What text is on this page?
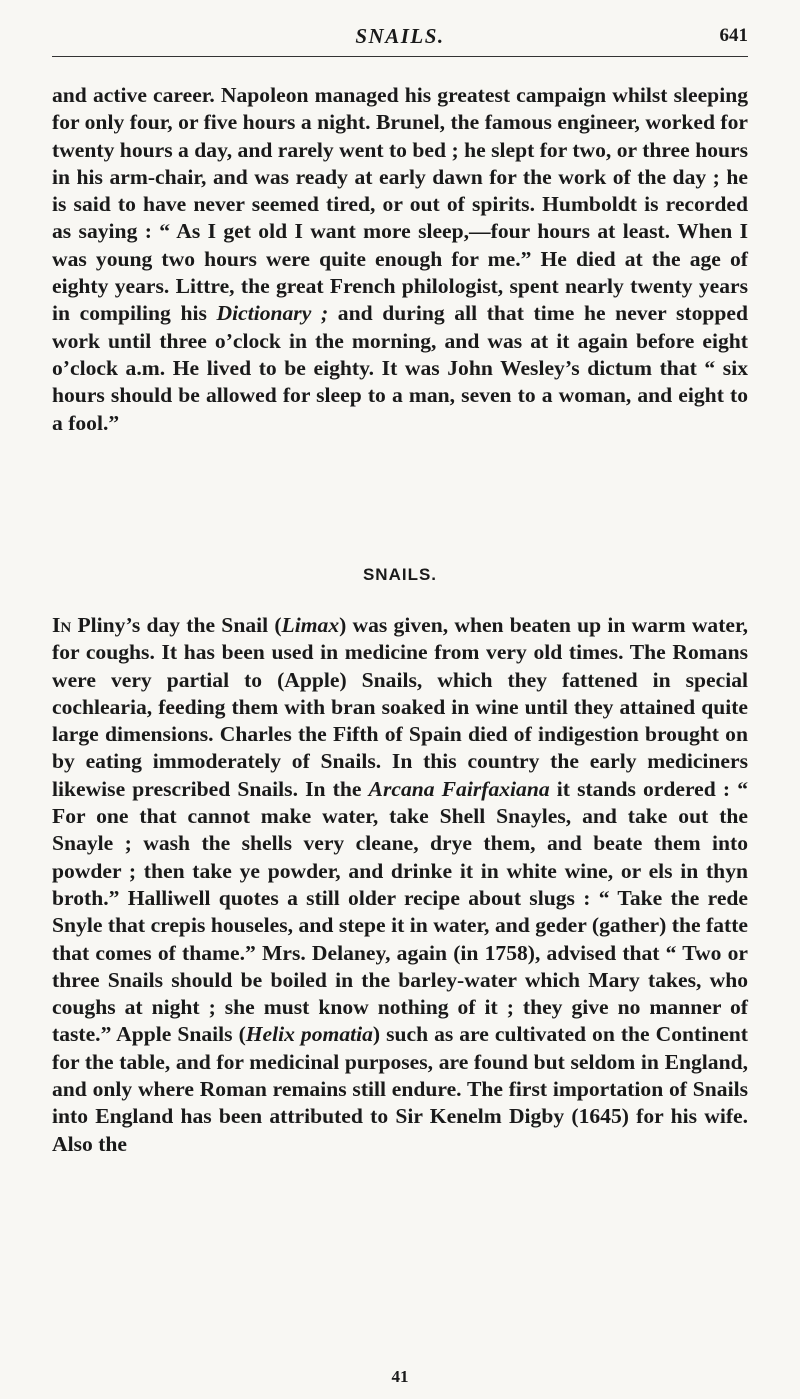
SNAILS.	641

and active career. Napoleon managed his greatest campaign whilst sleeping for only four, or five hours a night. Brunel, the famous engineer, worked for twenty hours a day, and rarely went to bed ; he slept for two, or three hours in his arm-chair, and was ready at early dawn for the work of the day ; he is said to have never seemed tired, or out of spirits. Humboldt is recorded as saying : “ As I get old I want more sleep,—four hours at least. When I was young two hours were quite enough for me.” He died at the age of eighty years. Littre, the great French philologist, spent nearly twenty years in compiling his Dictionary ; and during all that time he never stopped work until three o’clock in the morning, and was at it again before eight o’clock a.m. He lived to be eighty. It was John Wesley’s dictum that “ six hours should be allowed for sleep to a man, seven to a woman, and eight to a fool.”

SNAILS.

In Pliny’s day the Snail (Limax) was given, when beaten up in warm water, for coughs. It has been used in medicine from very old times. The Romans were very partial to (Apple) Snails, which they fattened in special cochlearia, feeding them with bran soaked in wine until they attained quite large dimensions. Charles the Fifth of Spain died of indigestion brought on by eating immoderately of Snails. In this country the early mediciners likewise prescribed Snails. In the Arcana Fairfaxiana it stands ordered : “ For one that cannot make water, take Shell Snayles, and take out the Snayle ; wash the shells very cleane, drye them, and beate them into powder ; then take ye powder, and drinke it in white wine, or els in thyn broth.” Halliwell quotes a still older recipe about slugs : “ Take the rede Snyle that crepis houseles, and stepe it in water, and geder (gather) the fatte that comes of thame.” Mrs. Delaney, again (in 1758), advised that “ Two or three Snails should be boiled in the barley-water which Mary takes, who coughs at night ; she must know nothing of it ; they give no manner of taste.” Apple Snails (Helix pomatia) such as are cultivated on the Continent for the table, and for medicinal purposes, are found but seldom in England, and only where Roman remains still endure. The first importation of Snails into England has been attributed to Sir Kenelm Digby (1645) for his wife. Also the

41
